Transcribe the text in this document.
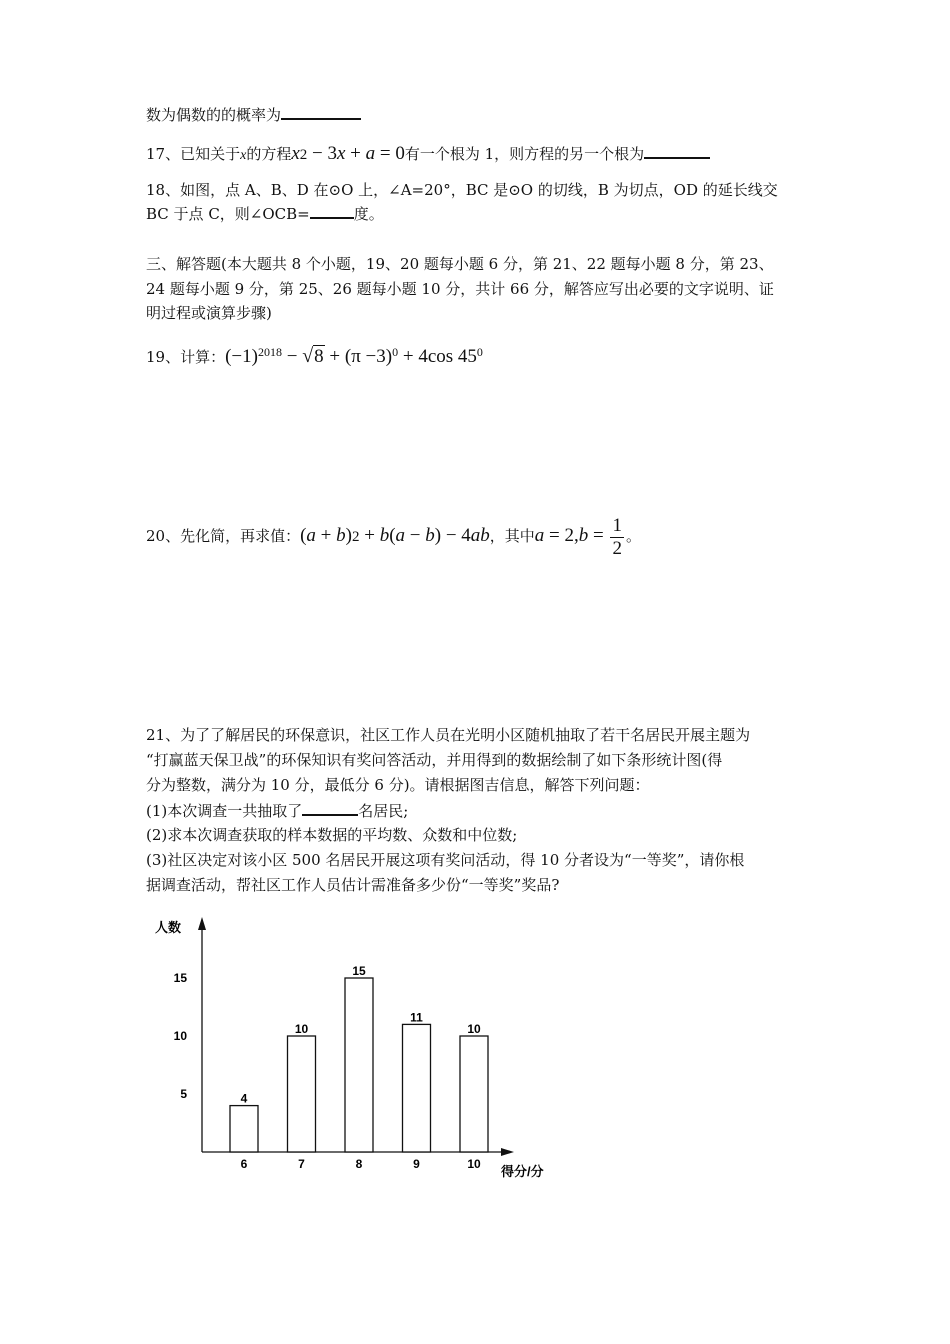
数为偶数的的概率为
17、已知关于x的方程x2 − 3x + a = 0有一个根为 1，则方程的另一个根为
18、如图，点 A、B、D 在⊙O 上，∠A=20°，BC 是⊙O 的切线，B 为切点，OD 的延长线交
BC 于点 C，则∠OCB=	度。
三、解答题(本大题共 8 个小题，19、20 题每小题 6 分，第 21、22 题每小题 8 分，第 23、
24 题每小题 9 分，第 25、26 题每小题 10 分，共计 66 分，解答应写出必要的文字说明、证
明过程或演算步骤)
19、计算：$(-1)^{2018} - √8 + (\pi -3)^0 + 4\cos$ $45^0$
20、先化简，再求值：(a + b)2 + b(a − b) − 4ab，其中$a = 2,b = \frac{1}{2}$ 。
21、为了了解居民的环保意识，社区工作人员在光明小区随机抽取了若干名居民开展主题为
“打赢蓝天保卫战”的环保知识有奖问答活动，并用得到的数据绘制了如下条形统计图(得
分为整数，满分为 10 分，最低分 6 分)。请根据图吉信息，解答下列问题：
(1)本次调查一共抽取了	名居民;
(2)求本次调查获取的样本数据的平均数、众数和中位数;
(3)社区决定对该小区 500 名居民开展这项有奖问活动，得 10 分者设为“一等奖”，请你根
据调查活动，帮社区工作人员估计需准备多少份“一等奖”奖品?
人数
得分/分
5
10
15
4
10
15
11
10
6	7	8	9	10
